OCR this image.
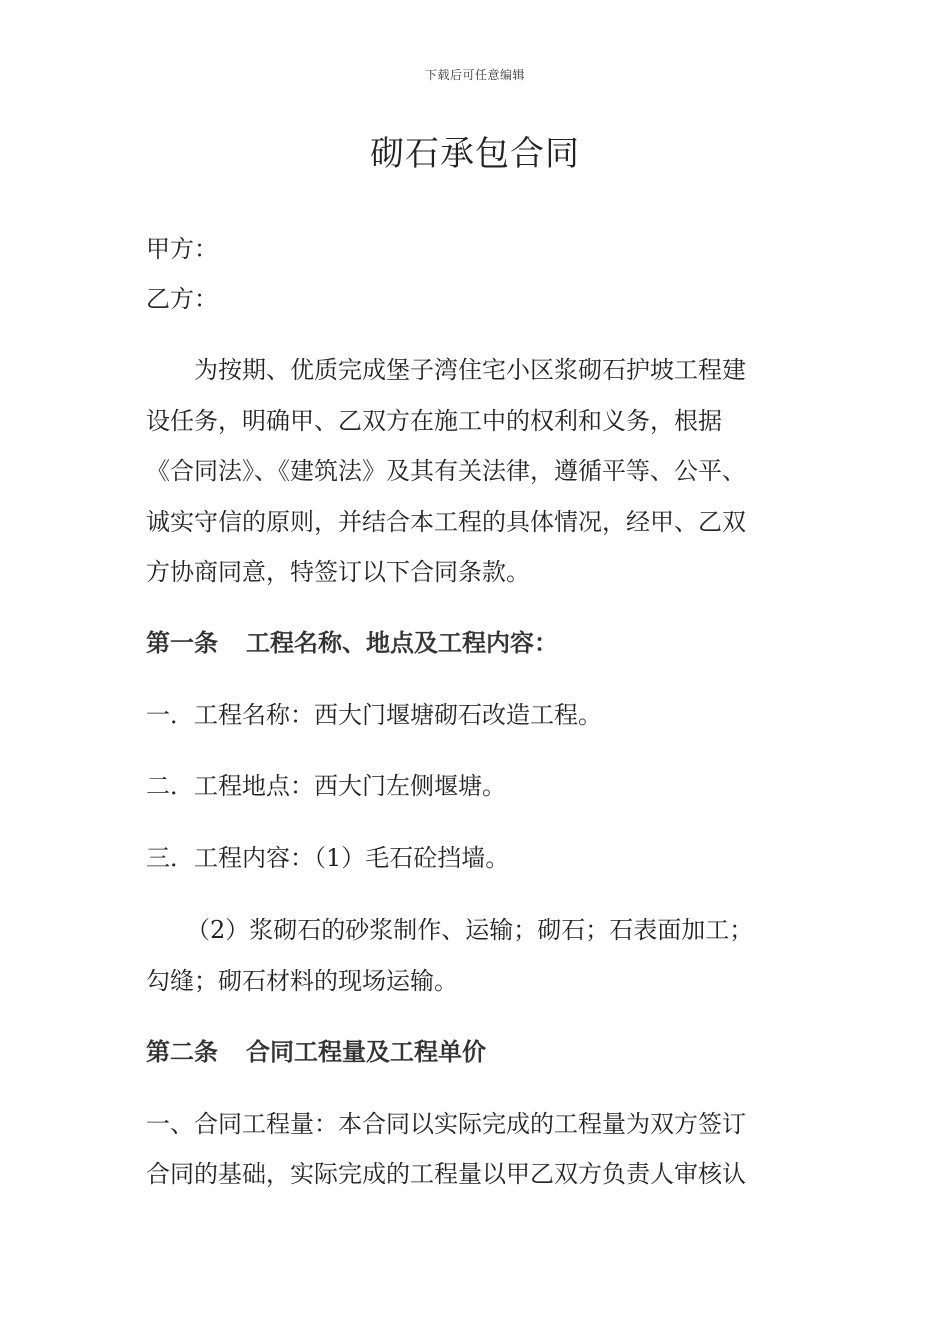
下载后可任意编辑
砌石承包合同
甲方：
乙方：
为按期、优质完成堡子湾住宅小区浆砌石护坡工程建
设任务，明确甲、乙双方在施工中的权利和义务，根据
《合同法》、《建筑法》及其有关法律，遵循平等、公平、
诚实守信的原则，并结合本工程的具体情况，经甲、乙双
方协商同意，特签订以下合同条款。
第一条 工程名称、地点及工程内容：
一．工程名称：西大门堰塘砌石改造工程。
二．工程地点：西大门左侧堰塘。
三．工程内容：（1）毛石砼挡墙。
（2）浆砌石的砂浆制作、运输；砌石；石表面加工；
勾缝；砌石材料的现场运输。
第二条 合同工程量及工程单价
一、合同工程量：本合同以实际完成的工程量为双方签订
合同的基础，实际完成的工程量以甲乙双方负责人审核认
